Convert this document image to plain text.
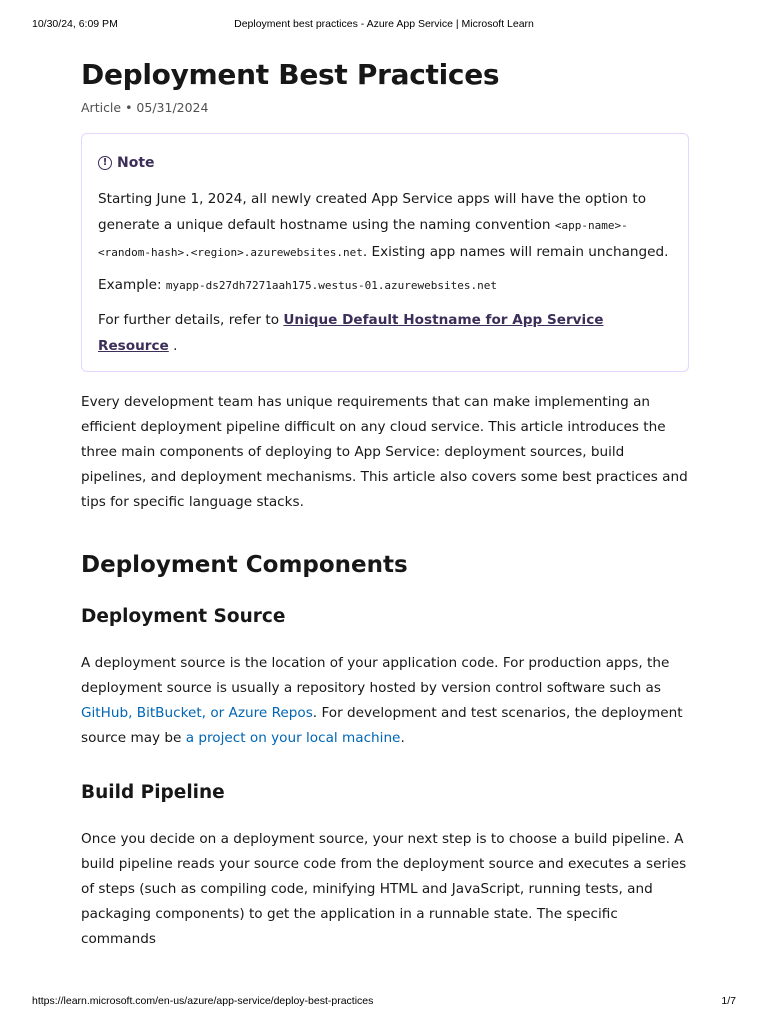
10/30/24, 6:09 PM	Deployment best practices - Azure App Service | Microsoft Learn
Deployment Best Practices
Article • 05/31/2024
! Note

Starting June 1, 2024, all newly created App Service apps will have the option to generate a unique default hostname using the naming convention <app-name>-<random-hash>.<region>.azurewebsites.net. Existing app names will remain unchanged.

Example: myapp-ds27dh7271aah175.westus-01.azurewebsites.net

For further details, refer to Unique Default Hostname for App Service Resource .

Every development team has unique requirements that can make implementing an efficient deployment pipeline difficult on any cloud service. This article introduces the three main components of deploying to App Service: deployment sources, build pipelines, and deployment mechanisms. This article also covers some best practices and tips for specific language stacks.

Deployment Components
Deployment Source

A deployment source is the location of your application code. For production apps, the deployment source is usually a repository hosted by version control software such as GitHub, BitBucket, or Azure Repos. For development and test scenarios, the deployment source may be a project on your local machine.

Build Pipeline

Once you decide on a deployment source, your next step is to choose a build pipeline. A build pipeline reads your source code from the deployment source and executes a series of steps (such as compiling code, minifying HTML and JavaScript, running tests, and packaging components) to get the application in a runnable state. The specific commands

https://learn.microsoft.com/en-us/azure/app-service/deploy-best-practices	1/7
